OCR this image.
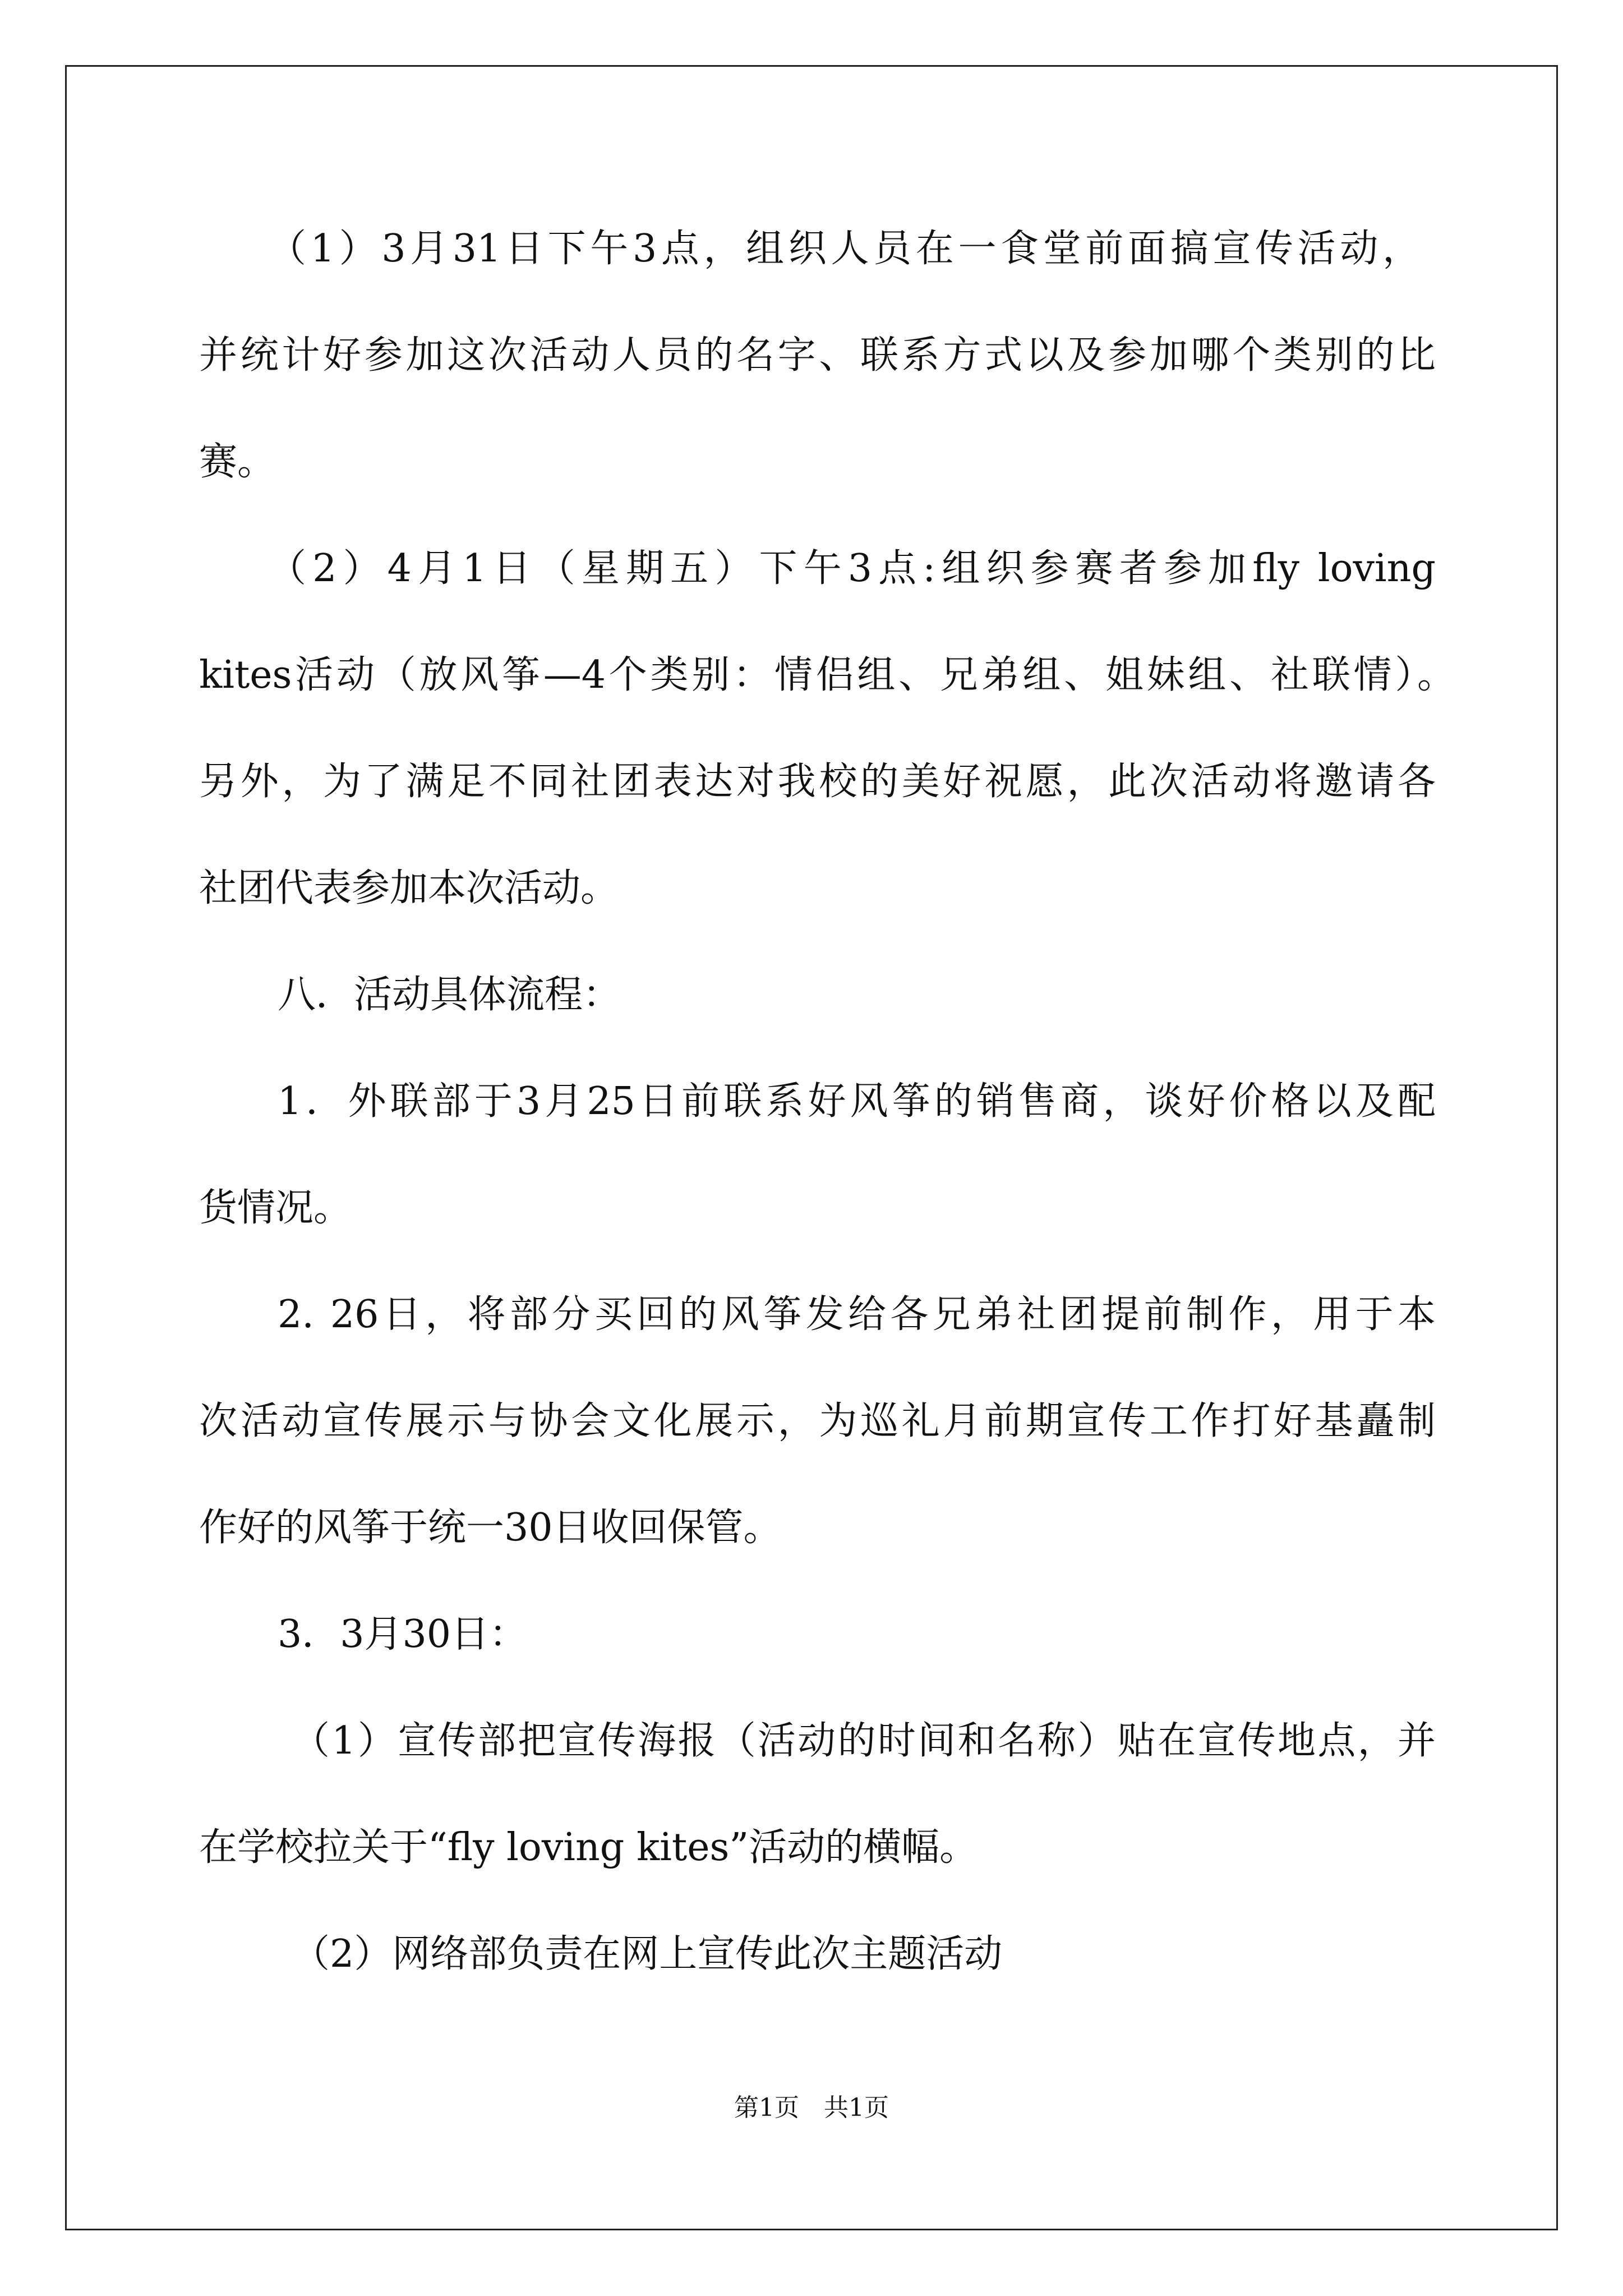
（1）3月31日下午3点，组织人员在一食堂前面搞宣传活动，
并统计好参加这次活动人员的名字、联系方式以及参加哪个类别的比
赛。
（2）4月1日（星期五）下午3点:组织参赛者参加fly loving
kites活动（放风筝—4个类别：情侣组、兄弟组、姐妹组、社联情）。
另外，为了满足不同社团表达对我校的美好祝愿，此次活动将邀请各
社团代表参加本次活动。
八．活动具体流程：
1．外联部于3月25日前联系好风筝的销售商，谈好价格以及配
货情况。
2. 26日，将部分买回的风筝发给各兄弟社团提前制作，用于本
次活动宣传展示与协会文化展示，为巡礼月前期宣传工作打好基矗制
作好的风筝于统一30日收回保管。
3．3月30日：
（1）宣传部把宣传海报（活动的时间和名称）贴在宣传地点，并
在学校拉关于“fly loving kites”活动的横幅。
（2）网络部负责在网上宣传此次主题活动
第1页　共1页
